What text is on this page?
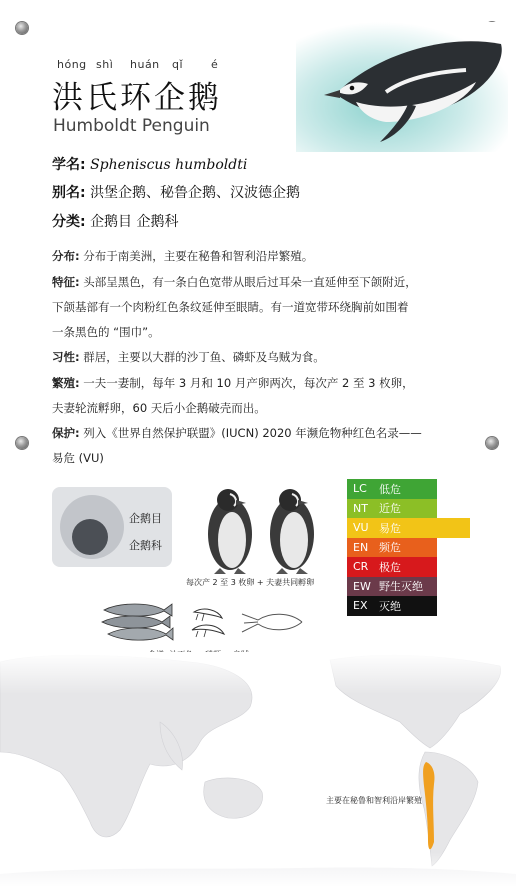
hóng shì huán qǐ	é
洪氏环企鹅
Humboldt Penguin
学名: Spheniscus humboldti
别名: 洪堡企鹅、秘鲁企鹅、汉波德企鹅
分类: 企鹅目 企鹅科
分布: 分布于南美洲，主要在秘鲁和智利沿岸繁殖。
特征: 头部呈黑色，有一条白色宽带从眼后过耳朵一直延伸至下颌附近，
下颌基部有一个肉粉红色条纹延伸至眼睛。有一道宽带环绕胸前如围着
一条黑色的 “围巾”。
习性: 群居，主要以大群的沙丁鱼、磷虾及乌贼为食。
繁殖: 一夫一妻制，每年 3 月和 10 月产卵两次，每次产 2 至 3 枚卵，
夫妻轮流孵卵，60 天后小企鹅破壳而出。
保护: 列入《世界自然保护联盟》(IUCN) 2020 年濒危物种红色名录——
易危 (VU)
企鹅目
企鹅科
每次产 2 至 3 枚卵 + 夫妻共同孵卵
LC	低危
NT	近危
VU 易危
EN 频危
CR 极危
EW 野生灭绝
EX	灭绝
主要在秘鲁和智利沿岸繁殖
